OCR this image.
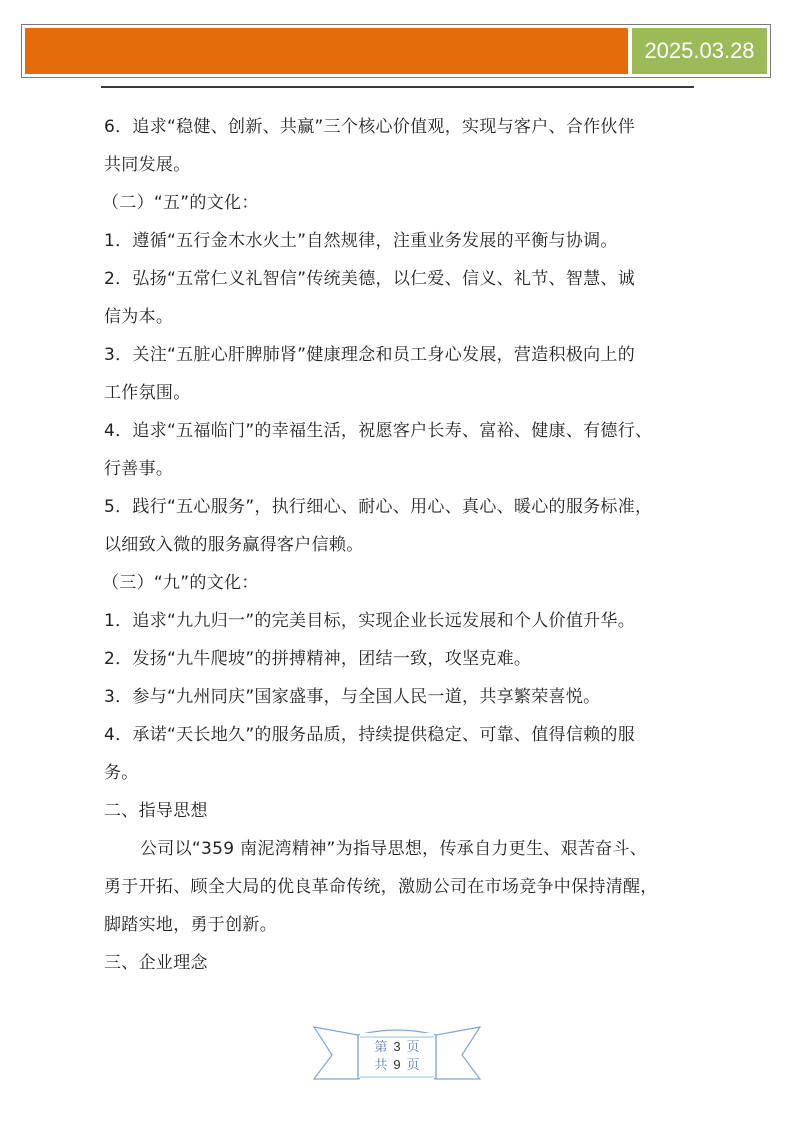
2025.03.28
6．追求“稳健、创新、共赢”三个核心价值观，实现与客户、合作伙伴
共同发展。
（二）“五”的文化：
1．遵循“五行金木水火土”自然规律，注重业务发展的平衡与协调。
2．弘扬“五常仁义礼智信”传统美德，以仁爱、信义、礼节、智慧、诚
信为本。
3．关注“五脏心肝脾肺肾”健康理念和员工身心发展，营造积极向上的
工作氛围。
4．追求“五福临门”的幸福生活，祝愿客户长寿、富裕、健康、有德行、
行善事。
5．践行“五心服务”，执行细心、耐心、用心、真心、暖心的服务标准，
以细致入微的服务赢得客户信赖。
（三）“九”的文化：
1．追求“九九归一”的完美目标，实现企业长远发展和个人价值升华。
2．发扬“九牛爬坡”的拼搏精神，团结一致，攻坚克难。
3．参与“九州同庆”国家盛事，与全国人民一道，共享繁荣喜悦。
4．承诺“天长地久”的服务品质，持续提供稳定、可靠、值得信赖的服
务。
二、指导思想
公司以“359 南泥湾精神”为指导思想，传承自力更生、艰苦奋斗、
勇于开拓、顾全大局的优良革命传统，激励公司在市场竞争中保持清醒，
脚踏实地，勇于创新。
三、企业理念
第 3 页
共 9 页
